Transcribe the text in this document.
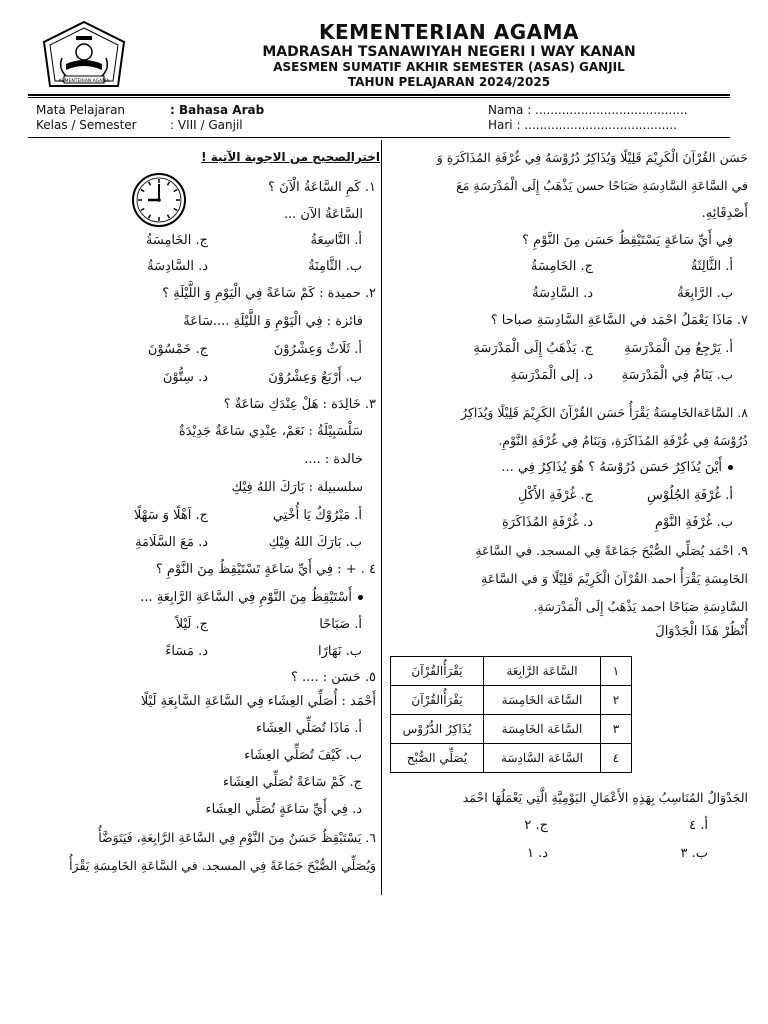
KEMENTERIAN AGAMA
KEMENTERIAN AGAMA
MADRASAH TSANAWIYAH NEGERI I WAY KANAN
ASESMEN SUMATIF AKHIR SEMESTER (ASAS) GANJIL
TAHUN PELAJARAN 2024/2025
Mata Pelajaran	: Bahasa Arab
Kelas / Semester	: VIII / Ganjil
Nama : ........................................
Hari : ........................................
اخترالصحيح من الاجوبة الآتية !
١. كَمِ السَّاعَةُ الْآنَ ؟
السَّاعَةُ الآن ...
أ. التَّاسِعَةُ
ج. الخَامِسَةُ
ب. الثَّامِنَةُ
د. السَّادِسَةُ
٢. حميدة : كَمْ سَاعَةً فِي الْيَوْمِ وَ اللَّيْلَةِ ؟
فائزة : فِي الْيَوْمِ وَ اللَّيْلَةِ ....سَاعَةً
أ. ثَلَاثٌ وَعِشْرُوْنَ
ج. خَمْسُوْنَ
ب. أَرْبَعٌ وَعِشْرُوْنَ
د. سِتُّوْنَ
٣. خَالِدَة : هَلْ عِنْدَكِ سَاعَةٌ ؟
سَلْسَبِيْلَةُ : نَعَمْ، عِنْدِي سَاعَةٌ جَدِيْدَةٌ
خالدة : ....
سلسبيلة : بَارَكَ اللهُ فِيْكِ
أ. مَبْرُوْكٌ يَا أُخْتِي
ج. اَهْلًا وَ سَهْلًا
ب. بَارَكَ اللهُ فِيْكِ
د. مَعَ السَّلَامَةِ
٤ . + : فِي أَيِّ سَاعَةٍ تَسْتَيْقِظُ مِنَ النَّوْمِ ؟
أَسْتَيْقِظُ مِنَ النَّوْمِ فِي السَّاعَةِ الرَّابِعَةِ ...
أ. صَبَاحًا
ج. لَيْلاً
ب. نَهَارًا
د. مَسَاءً
٥. حَسَن : .... ؟
أَحْمَد : أُصَلِّي العِشَاء فِي السَّاعَةِ السَّابِعَةِ لَيْلًا
أ. مَاذَا تُصَلِّي العِشَاء
ب. كَيْفَ تُصَلِّي العِشَاء
ج. كَمْ سَاعَةً تُصَلِّي العِشَاء
د. فِي أَيِّ سَاعَةٍ تُصَلِّي العِشَاء
٦. يَسْتَيْقِظُ حَسَنٌ مِنَ النَّوْمِ فِي السَّاعَةِ الرَّابِعَةِ، فَيَتَوَضَّأُ
وَيُصَلِّي الصُّبْحَ جَمَاعَةً فِي المسجد. في السَّاعَةِ الخَامِسَةِ يَقْرَأُ
حَسَن القُرْآنَ الْكَرِيْمَ قَلِيْلًا وَيُذَاكِرُ دُرُوْسَهُ فِي غُرْفَةِ المُذَاكَرَةِ وَ
في السَّاعَةِ السَّادِسَةِ صَبَاحًا حسن يَذْهَبُ إِلَى الْمَدْرَسَةِ مَعَ
أَصْدِقَائِهِ.
فِي أَيِّ سَاعَةٍ يَسْتَيْقِظُ حَسَن مِنَ النَّوْمِ ؟
أ. الثَّالِثَةُ
ج. الخَامِسَةُ
ب. الرَّابِعَةُ
د. السَّادِسَةُ
٧. مَاذَا يَعْمَلُ احْمَد في السَّاعَةِ السَّادِسَةِ صباحا ؟
أ. يَرْجِعُ مِنَ الْمَدْرَسَةِ
ج. يَذْهَبُ إِلَى الْمَدْرَسَةِ
ب. يَنَامُ فِي الْمَدْرَسَةِ
د. إلى الْمَدْرَسَةِ
٨. السَّاعَةالخَامِسَةُ يَقْرَأُ حَسَن القُرْآنَ الكَرِيْمَ قَلِيْلًا وَيُذَاكِرُ
دُرُوْسَهُ فِي غُرْفَةِ المُذَاكَرَةِ، وَيَنَامُ فِي غُرْفَةِ النَّوْمِ.
أَيْنَ يُذَاكِرُ حَسَن دُرُوْسَهُ ؟ هُوَ يُذَاكِرُ فِي ...
أ. غُرْفَةِ الجُلُوْسِ
ج. غُرْفَةِ الأَكْلِ
ب. غُرْفَةِ النَّوْمِ
د. غُرْفَةِ المُذَاكَرَةِ
٩. احْمَد يُصَلِّي الصُّبْحَ جَمَاعَةً فِي المسجد. في السَّاعَةِ
الخَامِسَةِ يَقْرَأُ احمد القُرْآنَ الْكَرِيْمَ قَلِيْلًا وَ في السَّاعَةِ
السَّادِسَةِ صَبَاحًا احمد يَذْهَبُ إِلَى الْمَدْرَسَةِ.
أُنْظُرْ هَذَا الْجَدْوَالَ
١	السَّاعَة الرَّابِعَة	يَقْرَأُالقُرْآنَ
٢	السَّاعَة الخَامِسَة	يَقْرَأُالقُرْآنَ
٣	السَّاعَة الخَامِسَة	يُذَاكِرُ الدُّرُوْس
٤	السَّاعَة السَّادِسَة	يُصَلِّي الصُّبْح
الجَدْوَالُ المُنَاسِبُ بِهَذِهِ الأَعْمَالِ اليَوْمِيَّةِ الَّتِي يَعْمَلُهَا احْمَد
أ. ٤
ج. ٢
ب. ٣
د. ١
